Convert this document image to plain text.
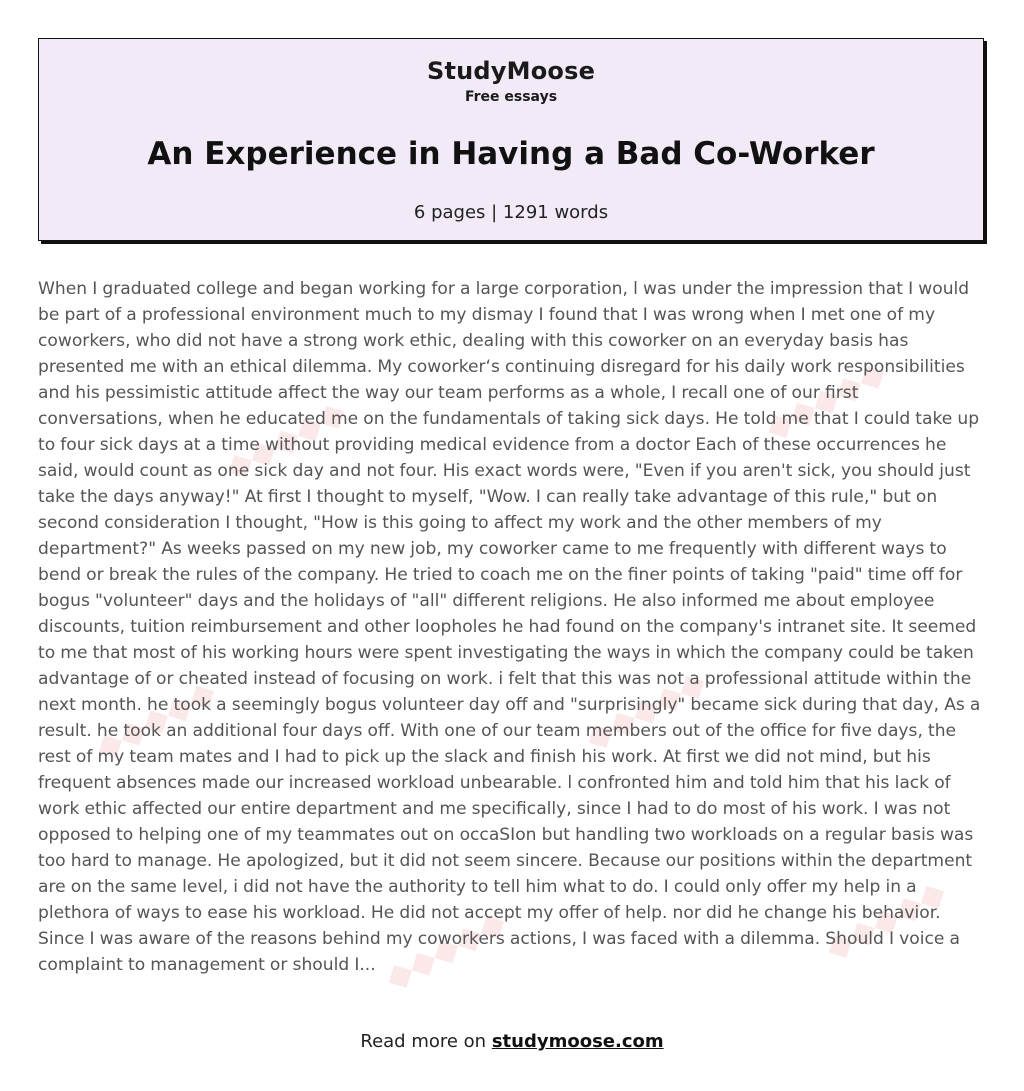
StudyMoose
Free essays
An Experience in Having a Bad Co-Worker
6 pages | 1291 words
◆◆◆◆◆	◆◆◆◆◆
◆◆◆◆◆	◆◆◆◆◆
◆◆◆◆◆	◆◆◆◆◆

When I graduated college and began working for a large corporation, l was under the impression that I would be part of a professional environment much to my dismay I found that I was wrong when I met one of my coworkers, who did not have a strong work ethic, dealing with this coworker on an everyday basis has presented me with an ethical dilemma. My coworker‘s continuing disregard for his daily work responsibilities and his pessimistic attitude affect the way our team performs as a whole, I recall one of our first conversations, when he educated me on the fundamentals of taking sick days. He told me that I could take up to four sick days at a time without providing medical evidence from a doctor Each of these occurrences he said, would count as one sick day and not four. His exact words were, "Even if you aren't sick, you should just take the days anyway!" At first I thought to myself, "Wow. I can really take advantage of this rule," but on second consideration I thought, "How is this going to affect my work and the other members of my department?" As weeks passed on my new job, my coworker came to me frequently with different ways to bend or break the rules of the company. He tried to coach me on the finer points of taking "paid" time off for bogus "volunteer" days and the holidays of "all" different religions. He also informed me about employee discounts, tuition reimbursement and other loopholes he had found on the company's intranet site. It seemed to me that most of his working hours were spent investigating the ways in which the company could be taken advantage of or cheated instead of focusing on work. i felt that this was not a professional attitude within the next month. he took a seemingly bogus volunteer day off and "surprisingly" became sick during that day, As a result. he took an additional four days off. With one of our team members out of the office for five days, the rest of my team mates and I had to pick up the slack and finish his work. At first we did not mind, but his frequent absences made our increased workload unbearable. l confronted him and told him that his lack of work ethic affected our entire department and me specifically, since I had to do most of his work. I was not opposed to helping one of my teammates out on occaSIon but handling two workloads on a regular basis was too hard to manage. He apologized, but it did not seem sincere. Because our positions within the department are on the same level, i did not have the authority to tell him what to do. I could only offer my help in a plethora of ways to ease his workload. He did not accept my offer of help. nor did he change his behavior. Since I was aware of the reasons behind my coworkers actions, I was faced with a dilemma. Should I voice a complaint to management or should I...

Read more on studymoose.com
